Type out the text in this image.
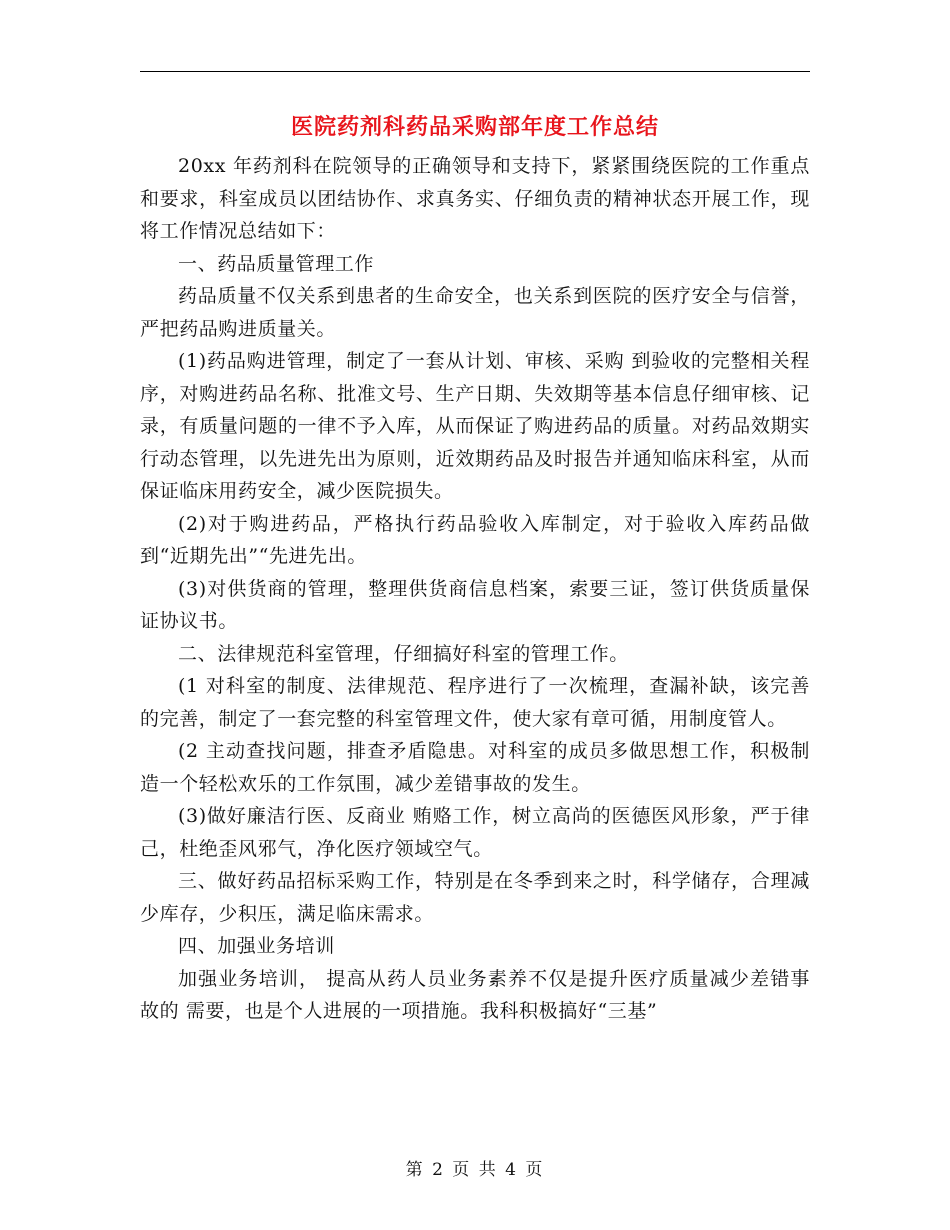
医院药剂科药品采购部年度工作总结

20xx 年药剂科在院领导的正确领导和支持下，紧紧围绕医院的工作重点和要求，科室成员以团结协作、求真务实、仔细负责的精神状态开展工作，现将工作情况总结如下：

一、药品质量管理工作

药品质量不仅关系到患者的生命安全，也关系到医院的医疗安全与信誉，严把药品购进质量关。

(1)药品购进管理，制定了一套从计划、审核、采购 到验收的完整相关程序，对购进药品名称、批准文号、生产日期、失效期等基本信息仔细审核、记录，有质量问题的一律不予入库，从而保证了购进药品的质量。对药品效期实行动态管理，以先进先出为原则，近效期药品及时报告并通知临床科室，从而保证临床用药安全，减少医院损失。

(2)对于购进药品，严格执行药品验收入库制定，对于验收入库药品做到“近期先出”“先进先出。

(3)对供货商的管理，整理供货商信息档案，索要三证，签订供货质量保证协议书。

二、法律规范科室管理，仔细搞好科室的管理工作。

(1 对科室的制度、法律规范、程序进行了一次梳理，查漏补缺，该完善的完善，制定了一套完整的科室管理文件，使大家有章可循，用制度管人。

(2 主动查找问题，排查矛盾隐患。对科室的成员多做思想工作，积极制造一个轻松欢乐的工作氛围，减少差错事故的发生。

(3)做好廉洁行医、反商业 贿赂工作，树立高尚的医德医风形象，严于律己，杜绝歪风邪气，净化医疗领域空气。

三、做好药品招标采购工作，特别是在冬季到来之时，科学储存，合理减少库存，少积压，满足临床需求。

四、加强业务培训

加强业务培训， 提高从药人员业务素养不仅是提升医疗质量减少差错事故的 需要，也是个人进展的一项措施。我科积极搞好“三基”

第 2 页 共 4 页
